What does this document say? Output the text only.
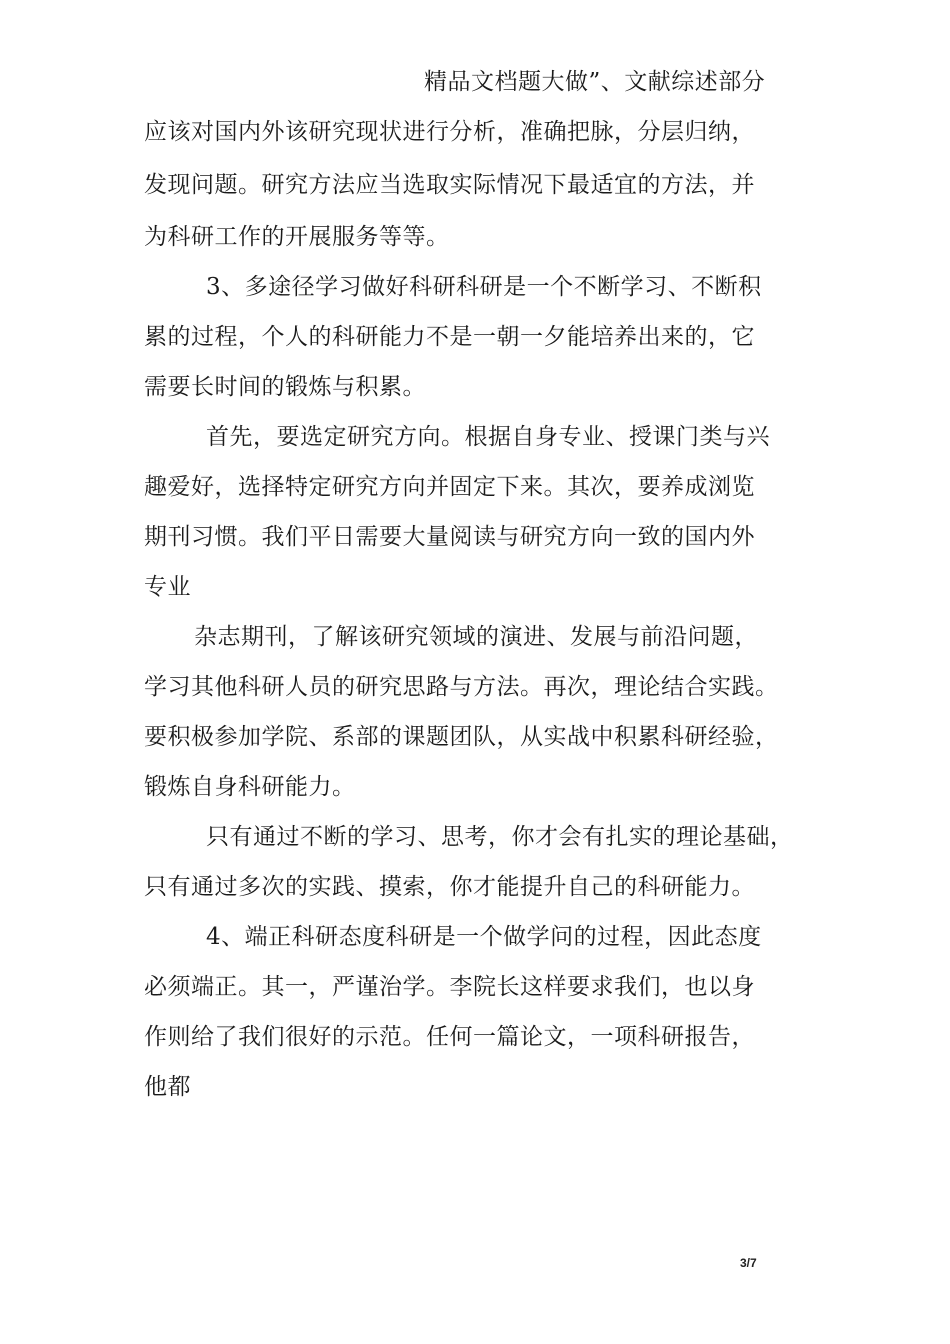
精品文档题大做”、文献综述部分
应该对国内外该研究现状进行分析，准确把脉，分层归纳，
发现问题。研究方法应当选取实际情况下最适宜的方法，并
为科研工作的开展服务等等。
3、多途径学习做好科研科研是一个不断学习、不断积
累的过程，个人的科研能力不是一朝一夕能培养出来的，它
需要长时间的锻炼与积累。
首先，要选定研究方向。根据自身专业、授课门类与兴
趣爱好，选择特定研究方向并固定下来。其次，要养成浏览
期刊习惯。我们平日需要大量阅读与研究方向一致的国内外
专业
杂志期刊，了解该研究领域的演进、发展与前沿问题，
学习其他科研人员的研究思路与方法。再次，理论结合实践。
要积极参加学院、系部的课题团队，从实战中积累科研经验，
锻炼自身科研能力。
只有通过不断的学习、思考，你才会有扎实的理论基础，
只有通过多次的实践、摸索，你才能提升自己的科研能力。
4、端正科研态度科研是一个做学问的过程，因此态度
必须端正。其一，严谨治学。李院长这样要求我们，也以身
作则给了我们很好的示范。任何一篇论文，一项科研报告，
他都
3/7
